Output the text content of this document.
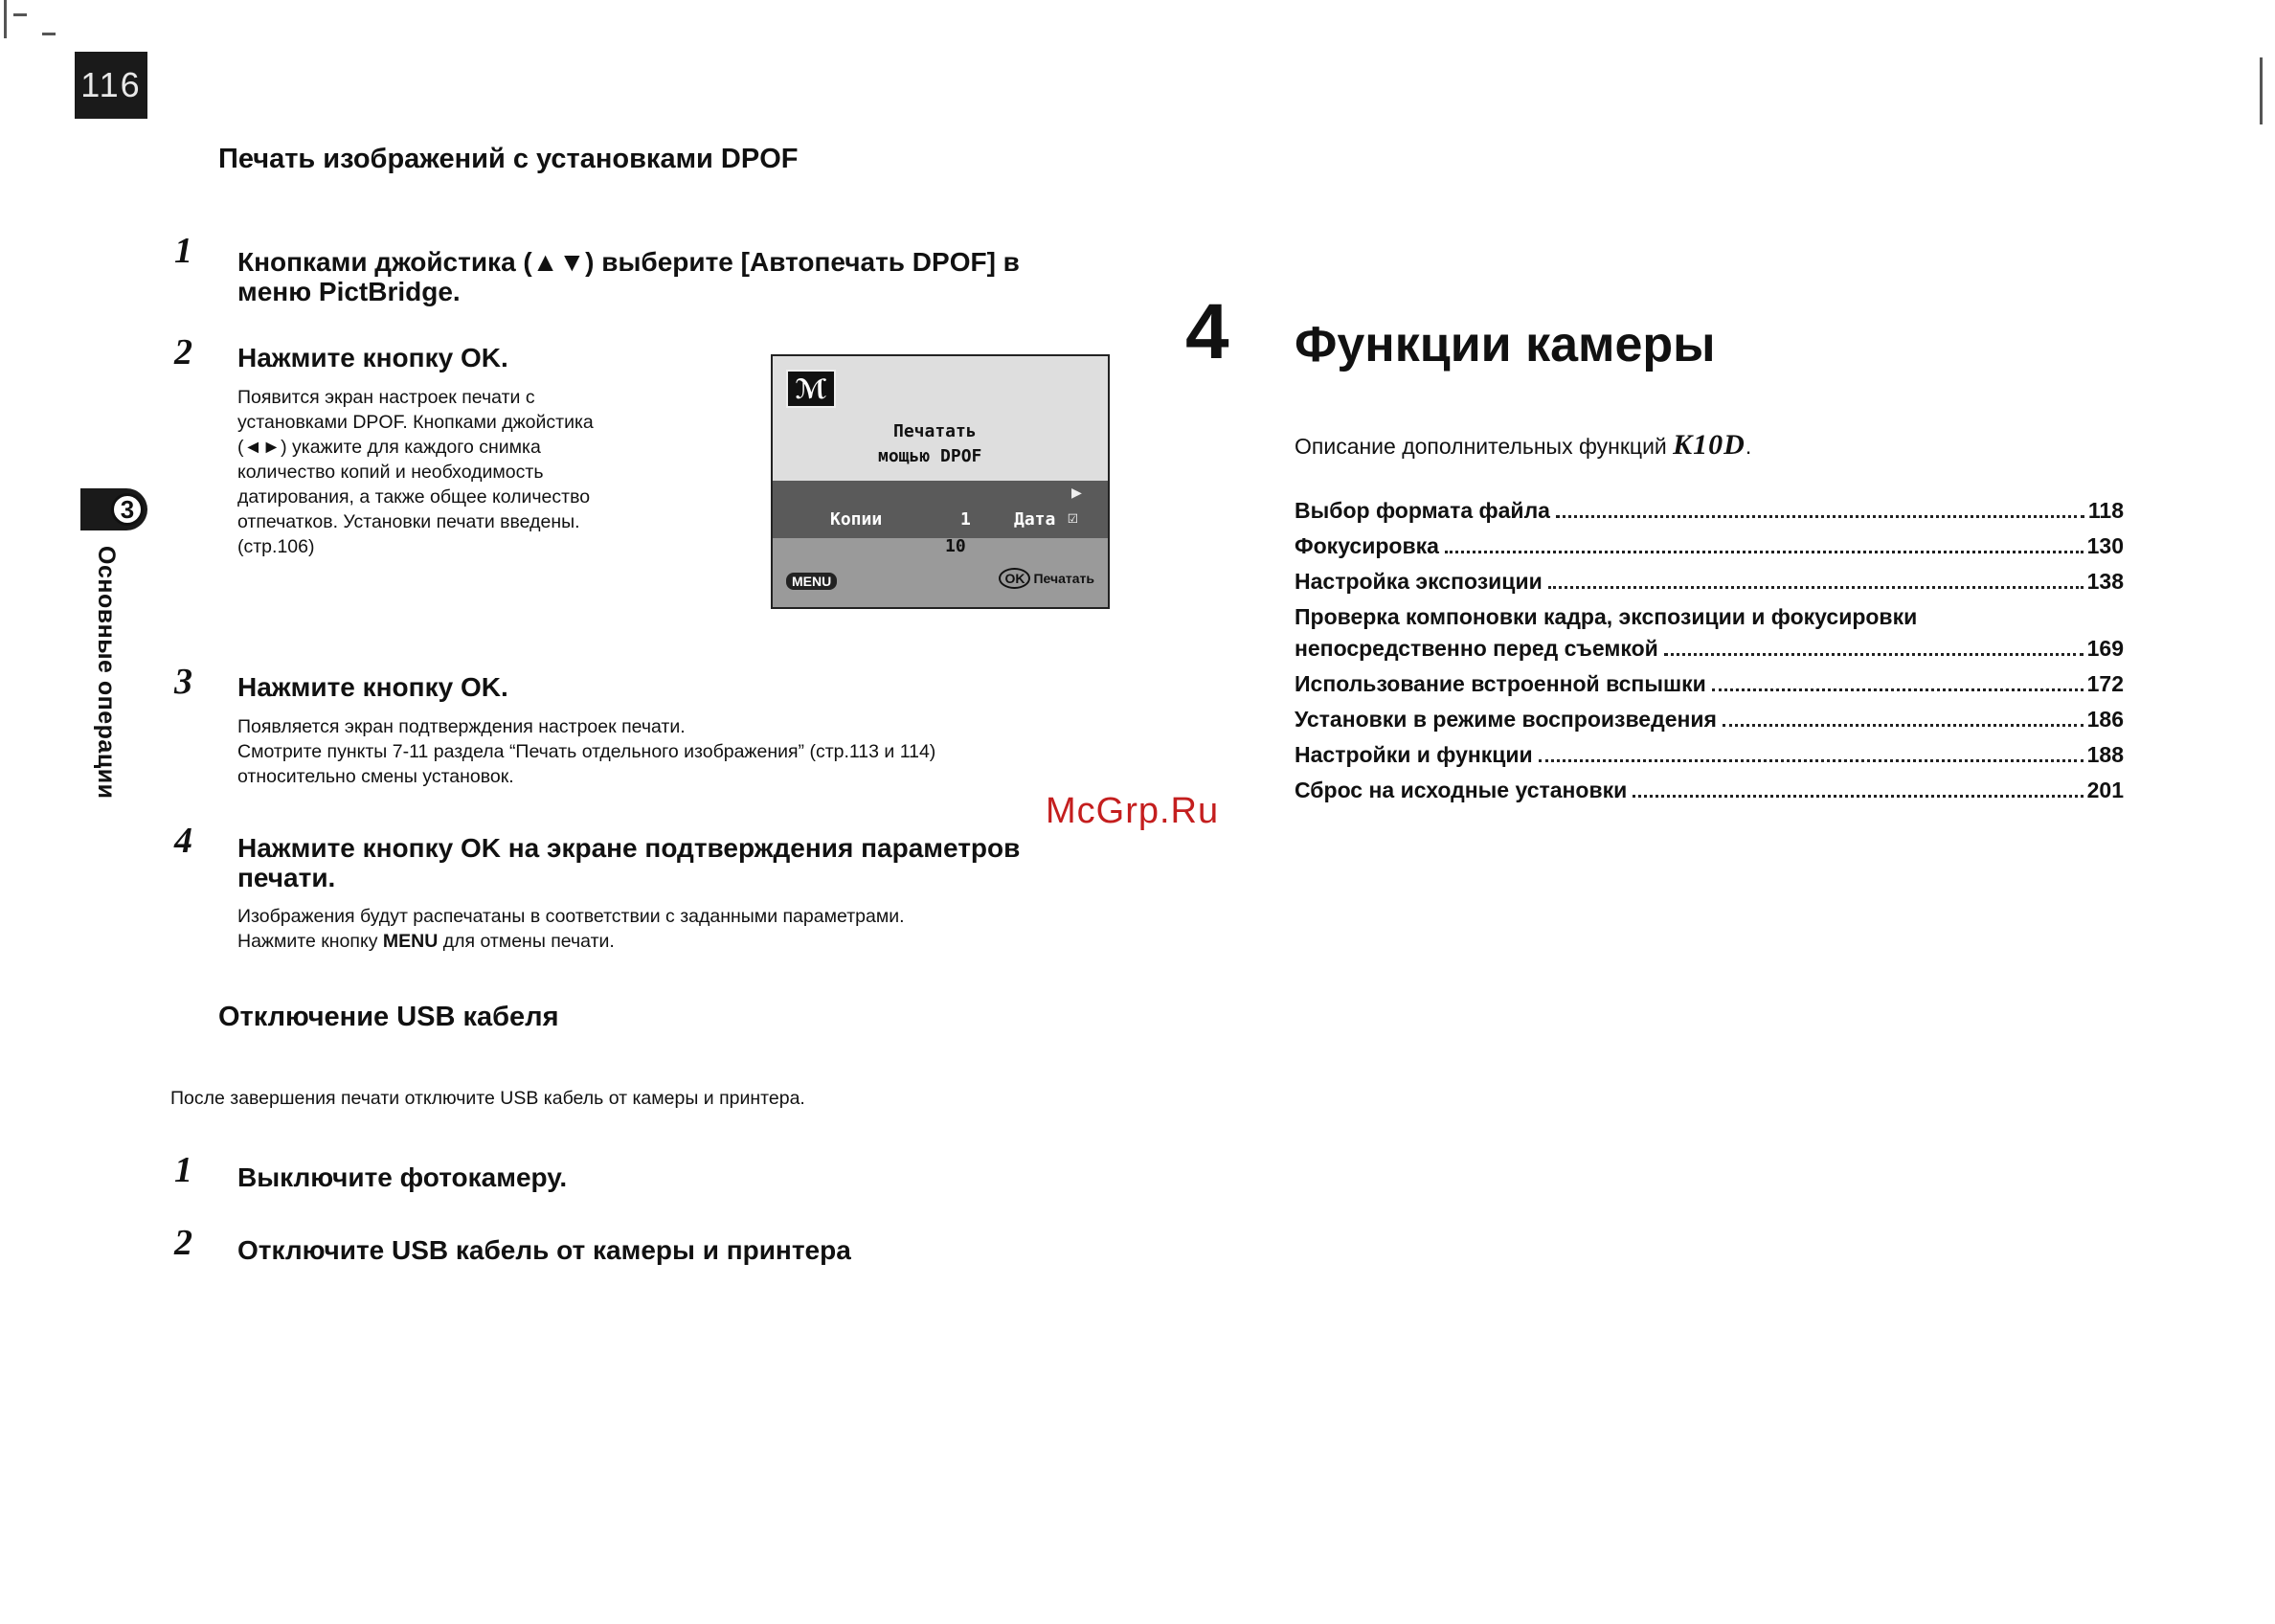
116
3
Основные операции
Печать изображений с установками DPOF
1 Кнопками джойстика (▲▼) выберите [Автопечать DPOF] в меню PictBridge.
2 Нажмите кнопку OK.
Появится экран настроек печати с
установками DPOF. Кнопками джойстика
(◄►) укажите для каждого снимка
количество копий и необходимость
датирования, а также общее количество
отпечатков. Установки печати введены.
(стр.106)
ℳ
Печатать
мощью DPOF
▶
Копии	1	Дата ☑
10
MENU	OK Печатать
3 Нажмите кнопку OK.
Появляется экран подтверждения настроек печати.
Смотрите пункты 7-11 раздела “Печать отдельного изображения” (стр.113 и 114)
относительно смены установок.
4 Нажмите кнопку OK на экране подтверждения параметров
печати.
Изображения будут распечатаны в соответствии с заданными параметрами.
Нажмите кнопку MENU для отмены печати.
Отключение USB кабеля
После завершения печати отключите USB кабель от камеры и принтера.
1 Выключите фотокамеру.
2 Отключите USB кабель от камеры и принтера
4 Функции камеры
Описание дополнительных функций K10D.
Выбор формата файла	118
Фокусировка	130
Настройка экспозиции	138
Проверка компоновки кадра, экспозиции и фокусировки
непосредственно перед съемкой	169
Использование встроенной вспышки	172
Установки в режиме воспроизведения	186
Настройки и функции	188
Сброс на исходные установки	201
McGrp.Ru
